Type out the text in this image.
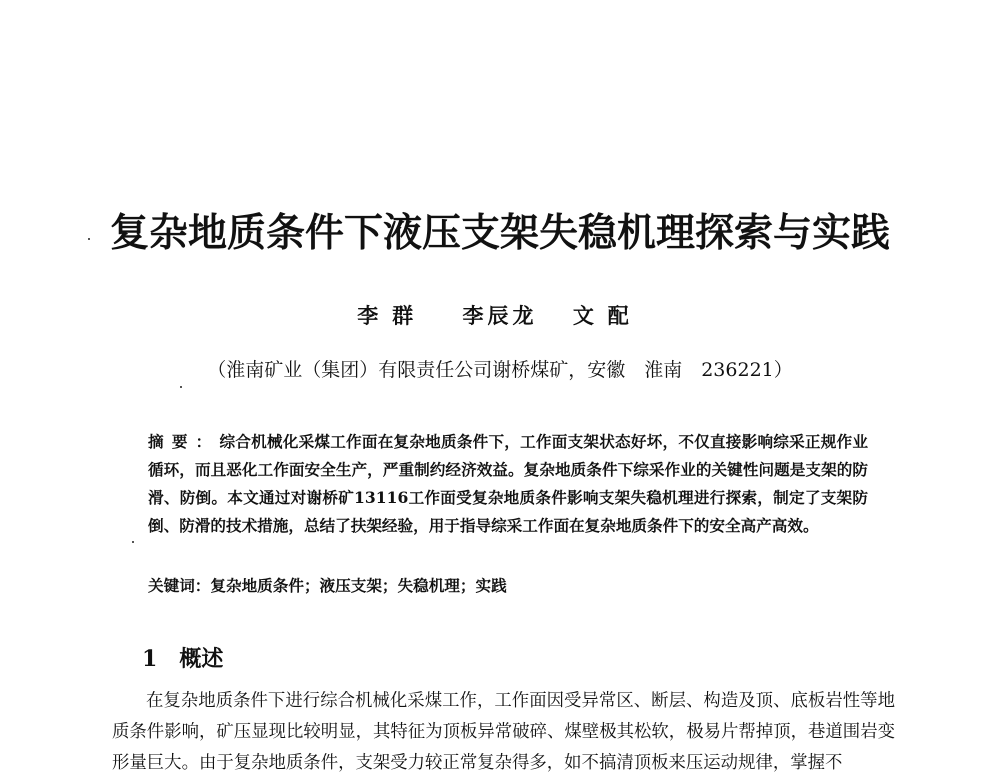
复杂地质条件下液压支架失稳机理探索与实践
李群 李辰龙 文配
（淮南矿业（集团）有限责任公司谢桥煤矿，安徽　淮南　236221）
摘要：综合机械化采煤工作面在复杂地质条件下，工作面支架状态好坏，不仅直接影响综采正规作业循环，而且恶化工作面安全生产，严重制约经济效益。复杂地质条件下综采作业的关键性问题是支架的防滑、防倒。本文通过对谢桥矿13116工作面受复杂地质条件影响支架失稳机理进行探索，制定了支架防倒、防滑的技术措施，总结了扶架经验，用于指导综采工作面在复杂地质条件下的安全高产高效。
关键词：复杂地质条件；液压支架；失稳机理；实践
1 概述
在复杂地质条件下进行综合机械化采煤工作，工作面因受异常区、断层、构造及顶、底板岩性等地质条件影响，矿压显现比较明显，其特征为顶板异常破碎、煤壁极其松软，极易片帮掉顶，巷道围岩变形量巨大。由于复杂地质条件，支架受力较正常复杂得多，如不搞清顶板来压运动规律，掌握不
